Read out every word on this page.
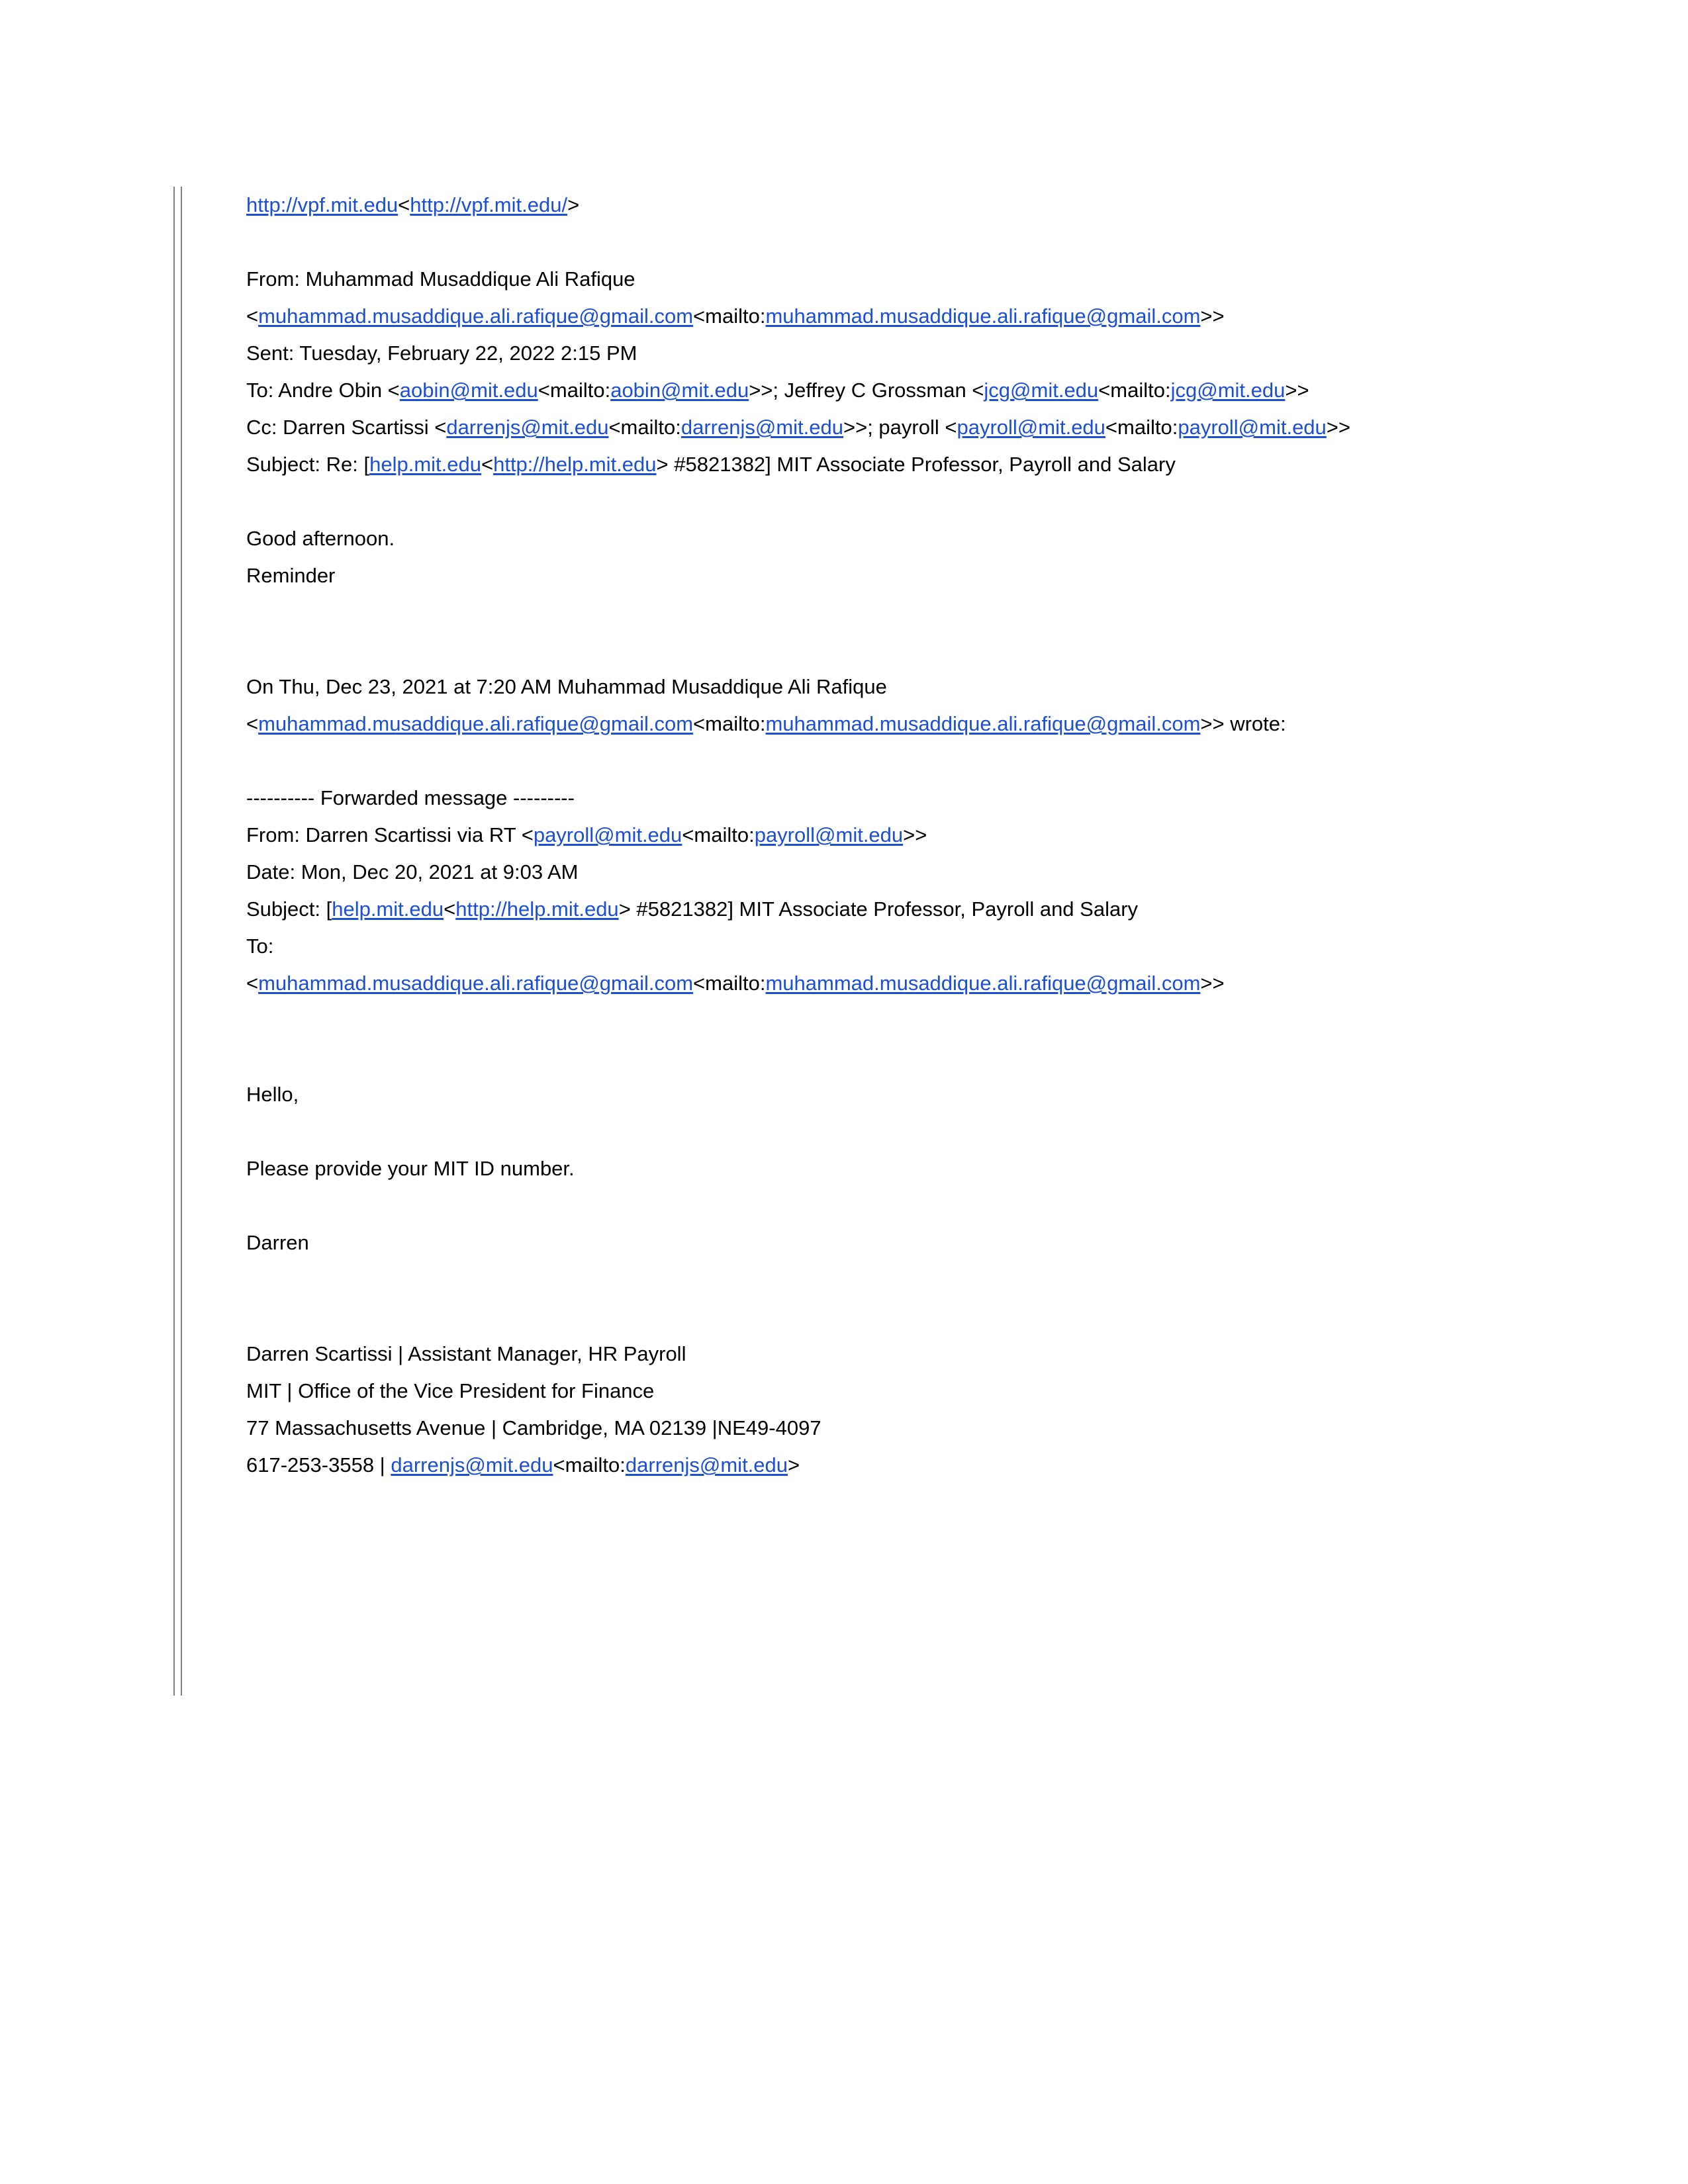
http://vpf.mit.edu<http://vpf.mit.edu/>

From: Muhammad Musaddique Ali Rafique

<muhammad.musaddique.ali.rafique@gmail.com<mailto:muhammad.musaddique.ali.rafique@gmail.com>>

Sent: Tuesday, February 22, 2022 2:15 PM

To: Andre Obin <aobin@mit.edu<mailto:aobin@mit.edu>>; Jeffrey C Grossman <jcg@mit.edu<mailto:jcg@mit.edu>>

Cc: Darren Scartissi <darrenjs@mit.edu<mailto:darrenjs@mit.edu>>; payroll <payroll@mit.edu<mailto:payroll@mit.edu>>

Subject: Re: [help.mit.edu<http://help.mit.edu> #5821382] MIT Associate Professor, Payroll and Salary

Good afternoon.

Reminder

On Thu, Dec 23, 2021 at 7:20 AM Muhammad Musaddique Ali Rafique <muhammad.musaddique.ali.rafique@gmail.com<mailto:muhammad.musaddique.ali.rafique@gmail.com>> wrote:

---------- Forwarded message ---------

From: Darren Scartissi via RT <payroll@mit.edu<mailto:payroll@mit.edu>>

Date: Mon, Dec 20, 2021 at 9:03 AM

Subject: [help.mit.edu<http://help.mit.edu> #5821382] MIT Associate Professor, Payroll and Salary

To:

<muhammad.musaddique.ali.rafique@gmail.com<mailto:muhammad.musaddique.ali.rafique@gmail.com>>

Hello,

Please provide your MIT ID number.

Darren

Darren Scartissi | Assistant Manager, HR Payroll

MIT | Office of the Vice President for Finance

77 Massachusetts Avenue | Cambridge, MA 02139 |NE49-4097

617-253-3558 | darrenjs@mit.edu<mailto:darrenjs@mit.edu>
